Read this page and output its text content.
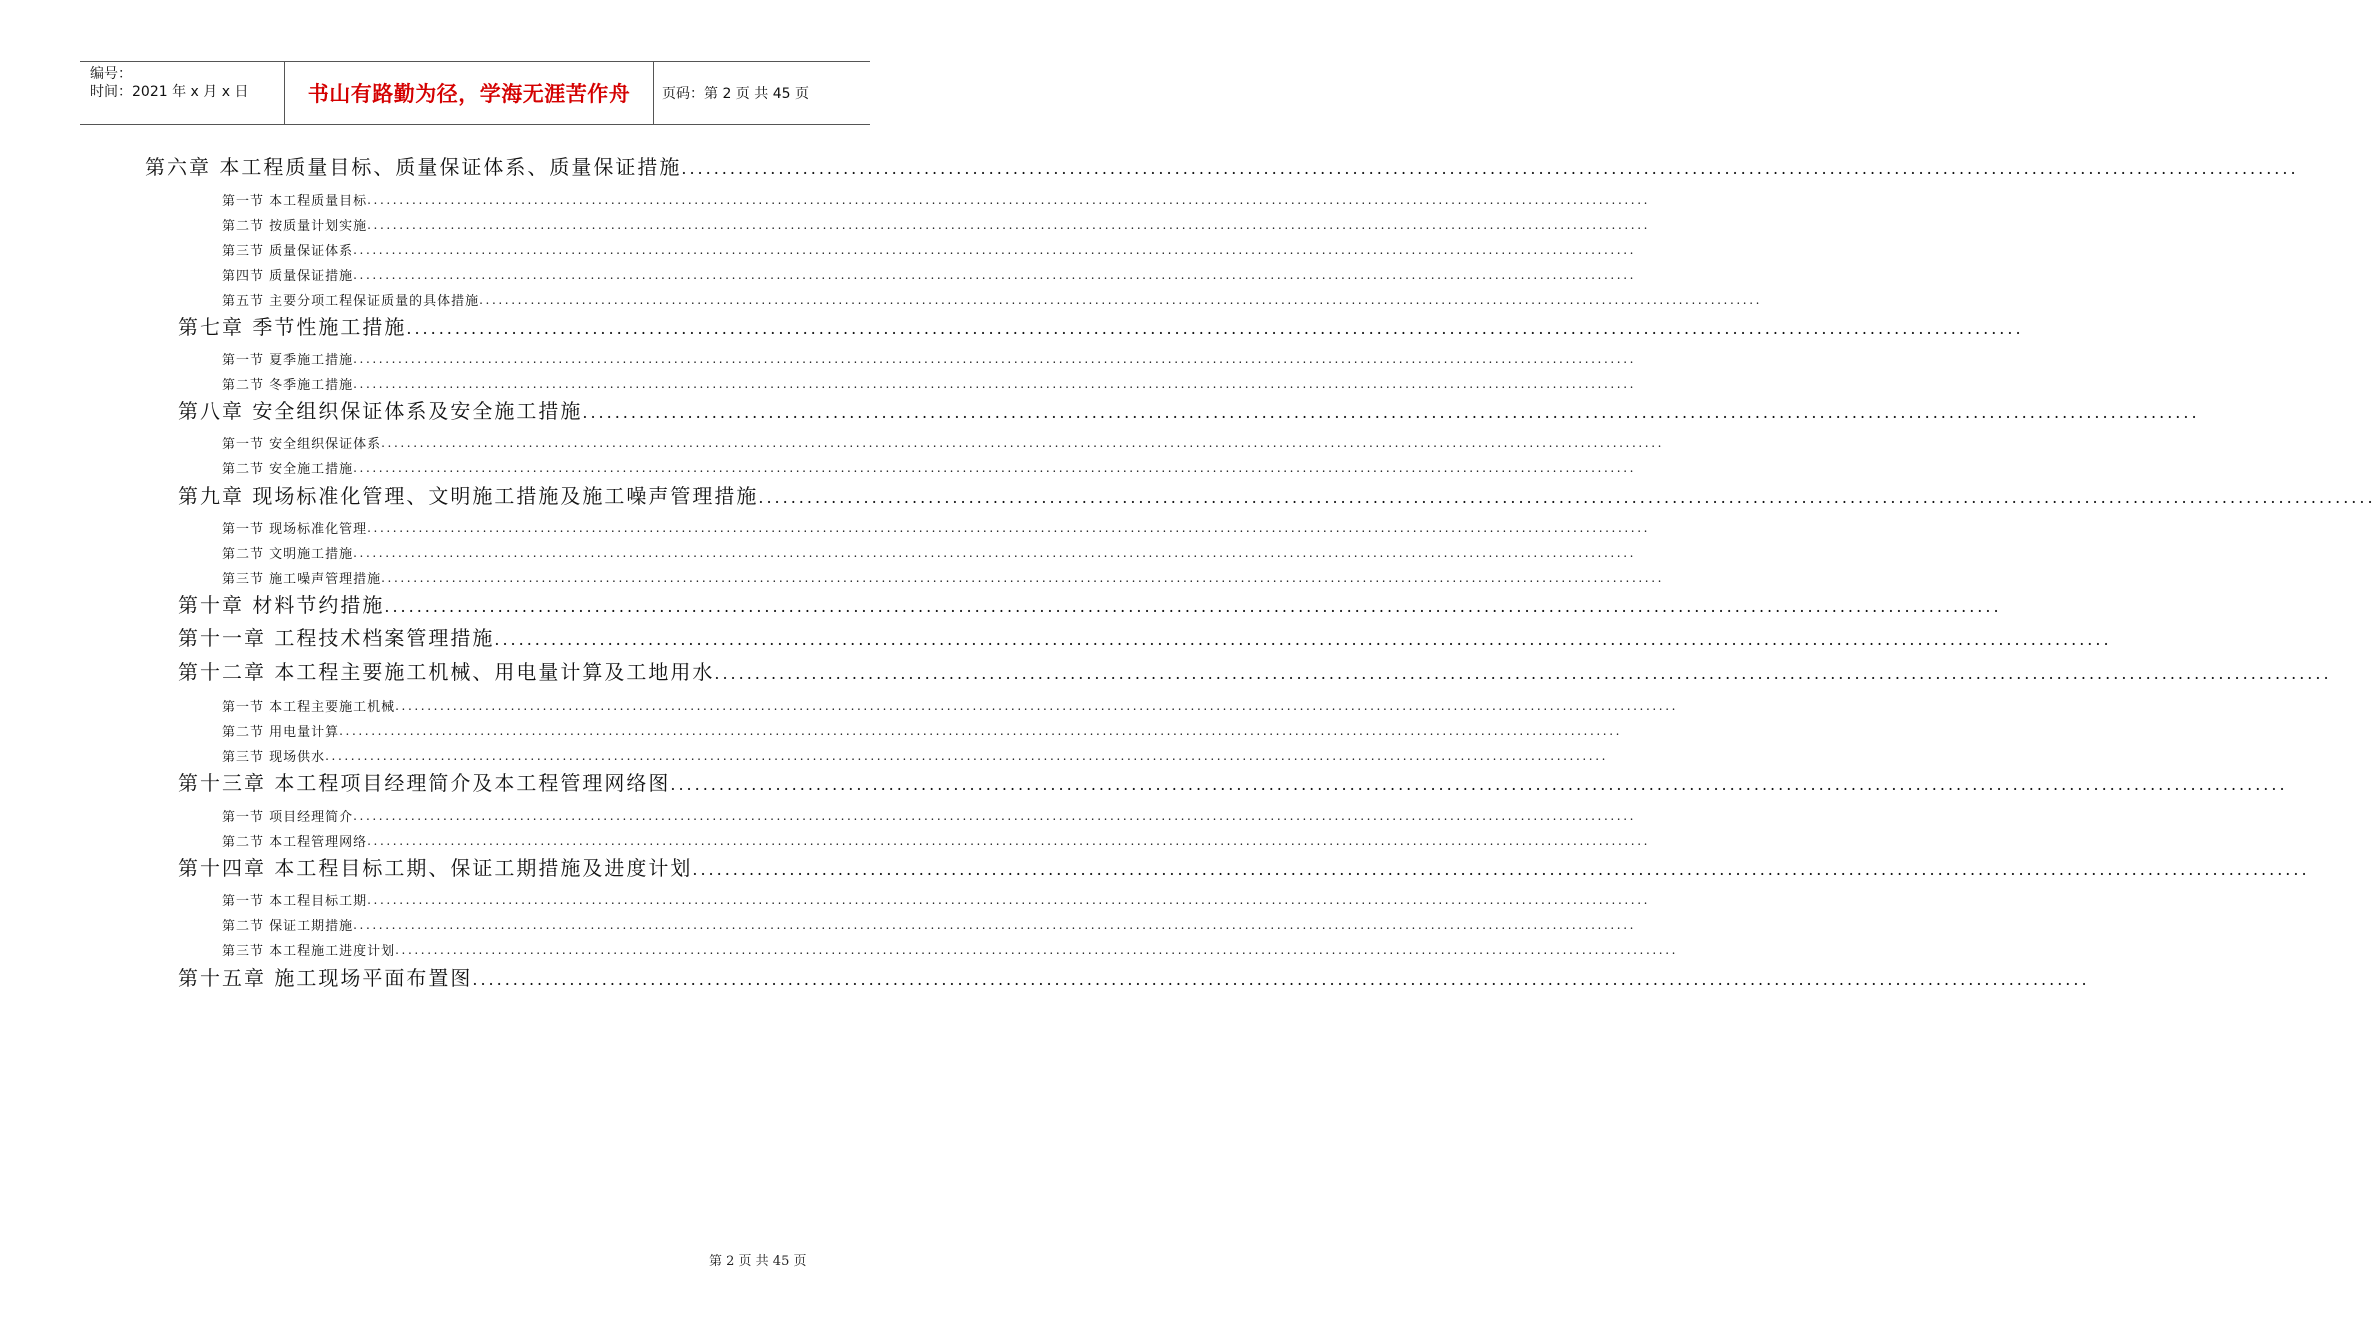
编号：
时间：2021 年 x 月 x 日	书山有路勤为径，学海无涯苦作舟	页码：第 2 页 共 45 页
第六章 本工程质量目标、质量保证体系、质量保证措施 ........................................................................................................................................................................................................
第一节 本工程质量目标 ........................................................................................................................................................................................................
第二节 按质量计划实施 ........................................................................................................................................................................................................
第三节 质量保证体系 ........................................................................................................................................................................................................
第四节 质量保证措施 ........................................................................................................................................................................................................
第五节 主要分项工程保证质量的具体措施 ........................................................................................................................................................................................................
第七章 季节性施工措施 ........................................................................................................................................................................................................
第一节 夏季施工措施 ........................................................................................................................................................................................................
第二节 冬季施工措施 ........................................................................................................................................................................................................
第八章 安全组织保证体系及安全施工措施 ........................................................................................................................................................................................................
第一节 安全组织保证体系 ........................................................................................................................................................................................................
第二节 安全施工措施 ........................................................................................................................................................................................................
第九章 现场标准化管理、文明施工措施及施工噪声管理措施 ........................................................................................................................................................................................................
第一节 现场标准化管理 ........................................................................................................................................................................................................
第二节 文明施工措施 ........................................................................................................................................................................................................
第三节 施工噪声管理措施 ........................................................................................................................................................................................................
第十章 材料节约措施 ........................................................................................................................................................................................................
第十一章 工程技术档案管理措施 ........................................................................................................................................................................................................
第十二章 本工程主要施工机械、用电量计算及工地用水 ........................................................................................................................................................................................................
第一节 本工程主要施工机械 ........................................................................................................................................................................................................
第二节 用电量计算 ........................................................................................................................................................................................................
第三节 现场供水 ........................................................................................................................................................................................................
第十三章 本工程项目经理简介及本工程管理网络图 ........................................................................................................................................................................................................
第一节 项目经理简介 ........................................................................................................................................................................................................
第二节 本工程管理网络 ........................................................................................................................................................................................................
第十四章 本工程目标工期、保证工期措施及进度计划 ........................................................................................................................................................................................................
第一节 本工程目标工期 ........................................................................................................................................................................................................
第二节 保证工期措施 ........................................................................................................................................................................................................
第三节 本工程施工进度计划 ........................................................................................................................................................................................................
第十五章 施工现场平面布置图 ........................................................................................................................................................................................................
第 2 页 共 45 页
